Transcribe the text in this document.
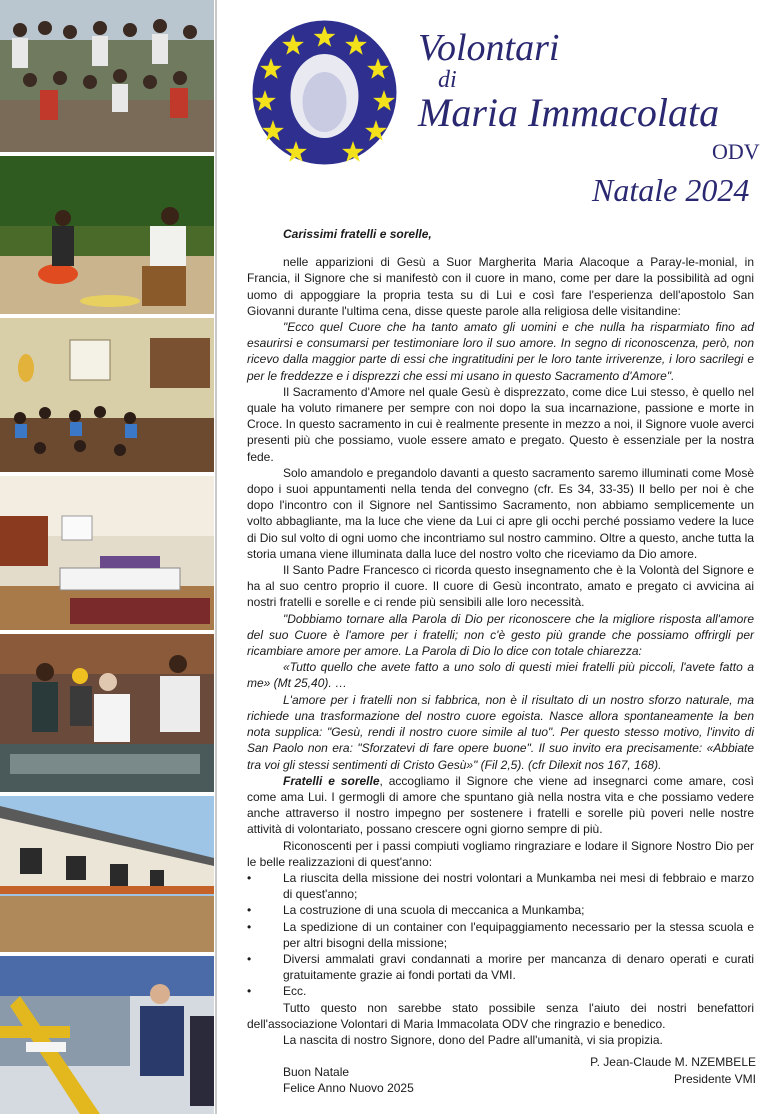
Volontari
di
Maria Immacolata
ODV
Natale 2024

Carissimi fratelli e sorelle,

nelle apparizioni di Gesù a Suor Margherita Maria Alacoque a Paray-le-monial, in Francia, il Signore che si manifestò con il cuore in mano, come per dare la possibilità ad ogni uomo di appoggiare la propria testa su di Lui e così fare l'esperienza dell'apostolo San Giovanni durante l'ultima cena, disse queste parole alla religiosa delle visitandine:

"Ecco quel Cuore che ha tanto amato gli uomini e che nulla ha risparmiato fino ad esaurirsi e consumarsi per testimoniare loro il suo amore. In segno di riconoscenza, però, non ricevo dalla maggior parte di essi che ingratitudini per le loro tante irriverenze, i loro sacrilegi e per le freddezze e i disprezzi che essi mi usano in questo Sacramento d'Amore".

Il Sacramento d'Amore nel quale Gesù è disprezzato, come dice Lui stesso, è quello nel quale ha voluto rimanere per sempre con noi dopo la sua incarnazione, passione e morte in Croce. In questo sacramento in cui è realmente presente in mezzo a noi, il Signore vuole averci presenti più che possiamo, vuole essere amato e pregato. Questo è essenziale per la nostra fede.

Solo amandolo e pregandolo davanti a questo sacramento saremo illuminati come Mosè dopo i suoi appuntamenti nella tenda del convegno (cfr. Es 34, 33-35) Il bello per noi è che dopo l'incontro con il Signore nel Santissimo Sacramento, non abbiamo semplicemente un volto abbagliante, ma la luce che viene da Lui ci apre gli occhi perché possiamo vedere la luce di Dio sul volto di ogni uomo che incontriamo sul nostro cammino. Oltre a questo, anche tutta la storia umana viene illuminata dalla luce del nostro volto che riceviamo da Dio amore.

Il Santo Padre Francesco ci ricorda questo insegnamento che è la Volontà del Signore e ha al suo centro proprio il cuore. Il cuore di Gesù incontrato, amato e pregato ci avvicina ai nostri fratelli e sorelle e ci rende più sensibili alle loro necessità.

"Dobbiamo tornare alla Parola di Dio per riconoscere che la migliore risposta all'amore del suo Cuore è l'amore per i fratelli; non c'è gesto più grande che possiamo offrirgli per ricambiare amore per amore. La Parola di Dio lo dice con totale chiarezza:

«Tutto quello che avete fatto a uno solo di questi miei fratelli più piccoli, l'avete fatto a me» (Mt 25,40). …

L'amore per i fratelli non si fabbrica, non è il risultato di un nostro sforzo naturale, ma richiede una trasformazione del nostro cuore egoista. Nasce allora spontaneamente la ben nota supplica: "Gesù, rendi il nostro cuore simile al tuo". Per questo stesso motivo, l'invito di San Paolo non era: "Sforzatevi di fare opere buone". Il suo invito era precisamente: «Abbiate tra voi gli stessi sentimenti di Cristo Gesù»" (Fil 2,5). (cfr Dilexit nos 167, 168).

Fratelli e sorelle, accogliamo il Signore che viene ad insegnarci come amare, così come ama Lui. I germogli di amore che spuntano già nella nostra vita e che possiamo vedere anche attraverso il nostro impegno per sostenere i fratelli e sorelle più poveri nelle nostre attività di volontariato, possano crescere ogni giorno sempre di più.

Riconoscenti per i passi compiuti vogliamo ringraziare e lodare il Signore Nostro Dio per le belle realizzazioni di quest'anno:

• La riuscita della missione dei nostri volontari a Munkamba nei mesi di febbraio e marzo di quest'anno;
• La costruzione di una scuola di meccanica a Munkamba;
• La spedizione di un container con l'equipaggiamento necessario per la stessa scuola e per altri bisogni della missione;
• Diversi ammalati gravi condannati a morire per mancanza di denaro operati e curati gratuitamente grazie ai fondi portati da VMI.
• Ecc.

Tutto questo non sarebbe stato possibile senza l'aiuto dei nostri benefattori dell'associazione Volontari di Maria Immacolata ODV che ringrazio e benedico.

La nascita di nostro Signore, dono del Padre all'umanità, vi sia propizia.

Buon Natale

Felice Anno Nuovo 2025

P. Jean-Claude M. NZEMBELE
Presidente VMI
